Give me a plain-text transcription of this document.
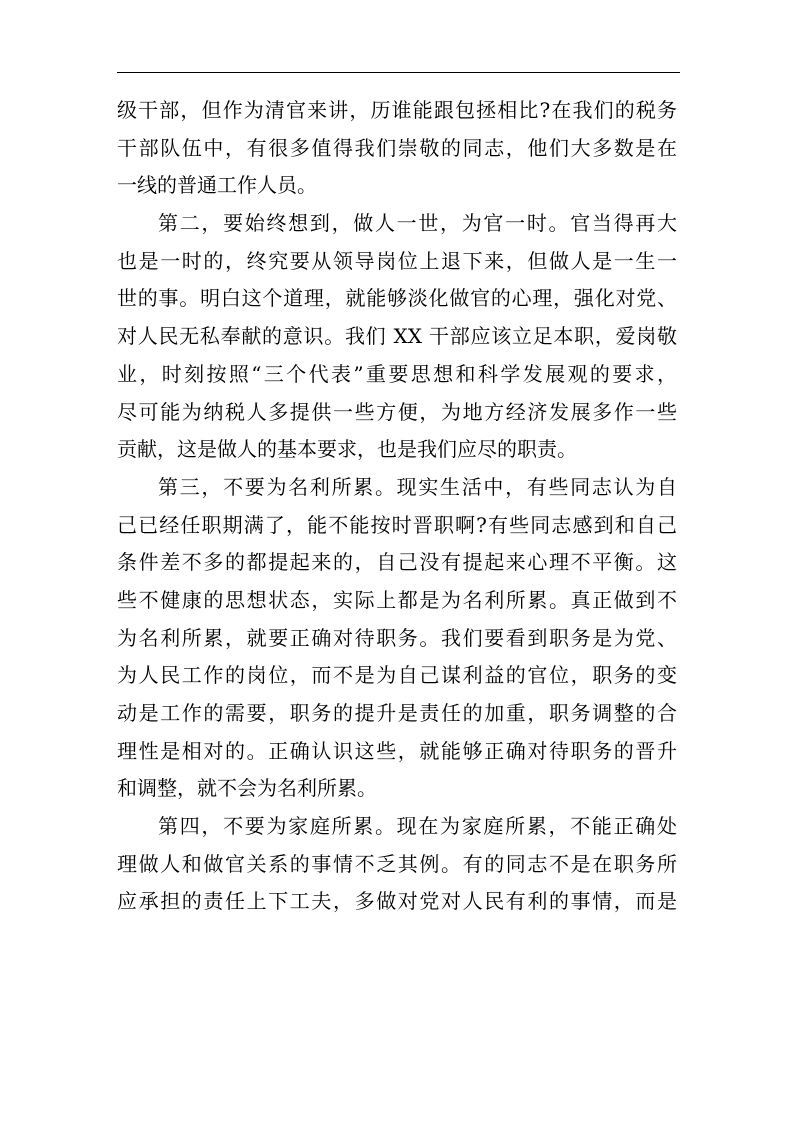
级干部，但作为清官来讲，历谁能跟包拯相比?在我们的税务
干部队伍中，有很多值得我们崇敬的同志，他们大多数是在
一线的普通工作人员。
第二，要始终想到，做人一世，为官一时。官当得再大
也是一时的，终究要从领导岗位上退下来，但做人是一生一
世的事。明白这个道理，就能够淡化做官的心理，强化对党、
对人民无私奉献的意识。我们 XX 干部应该立足本职，爱岗敬
业，时刻按照“三个代表”重要思想和科学发展观的要求，
尽可能为纳税人多提供一些方便，为地方经济发展多作一些
贡献，这是做人的基本要求，也是我们应尽的职责。
第三，不要为名利所累。现实生活中，有些同志认为自
己已经任职期满了，能不能按时晋职啊?有些同志感到和自己
条件差不多的都提起来的，自己没有提起来心理不平衡。这
些不健康的思想状态，实际上都是为名利所累。真正做到不
为名利所累，就要正确对待职务。我们要看到职务是为党、
为人民工作的岗位，而不是为自己谋利益的官位，职务的变
动是工作的需要，职务的提升是责任的加重，职务调整的合
理性是相对的。正确认识这些，就能够正确对待职务的晋升
和调整，就不会为名利所累。
第四，不要为家庭所累。现在为家庭所累，不能正确处
理做人和做官关系的事情不乏其例。有的同志不是在职务所
应承担的责任上下工夫，多做对党对人民有利的事情，而是
